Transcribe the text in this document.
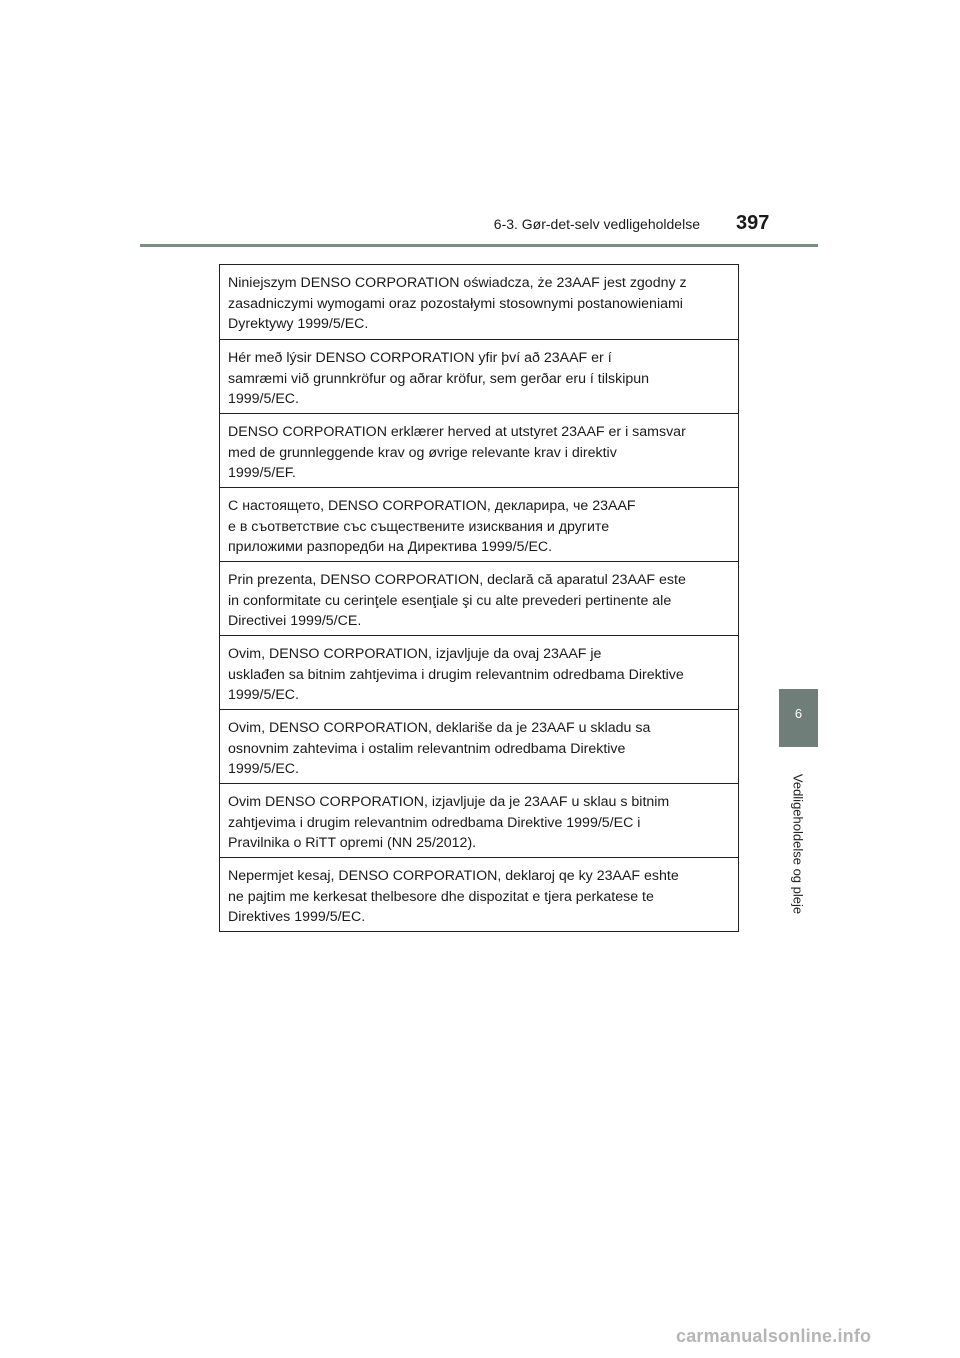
6-3. Gør-det-selv vedligeholdelse 397
6
Vedligeholdelse og pleje
Niniejszym DENSO CORPORATION oświadcza, że 23AAF jest zgodny z
zasadniczymi wymogami oraz pozostałymi stosownymi postanowieniami
Dyrektywy 1999/5/EC.
Hér með lýsir DENSO CORPORATION yfir því að 23AAF er í
samræmi við grunnkröfur og aðrar kröfur, sem gerðar eru í tilskipun
1999/5/EC.
DENSO CORPORATION erklærer herved at utstyret 23AAF er i samsvar
med de grunnleggende krav og øvrige relevante krav i direktiv
1999/5/EF.
С настоящето, DENSO CORPORATION, декларира, че 23AAF
е в съответствие със съществените изисквания и другите
приложими разпоредби на Директива 1999/5/EC.
Prin prezenta, DENSO CORPORATION, declară că aparatul 23AAF este
in conformitate cu cerinţele esenţiale şi cu alte prevederi pertinente ale
Directivei 1999/5/CE.
Ovim, DENSO CORPORATION, izjavljuje da ovaj 23AAF je
usklađen sa bitnim zahtjevima i drugim relevantnim odredbama Direktive
1999/5/EC.
Ovim, DENSO CORPORATION, deklariše da je 23AAF u skladu sa
osnovnim zahtevima i ostalim relevantnim odredbama Direktive
1999/5/EC.
Ovim DENSO CORPORATION, izjavljuje da je 23AAF u sklau s bitnim
zahtjevima i drugim relevantnim odredbama Direktive 1999/5/EC i
Pravilnika o RiTT opremi (NN 25/2012).
Nepermjet kesaj, DENSO CORPORATION, deklaroj qe ky 23AAF eshte
ne pajtim me kerkesat thelbesore dhe dispozitat e tjera perkatese te
Direktives 1999/5/EC.
carmanualsonline.info
